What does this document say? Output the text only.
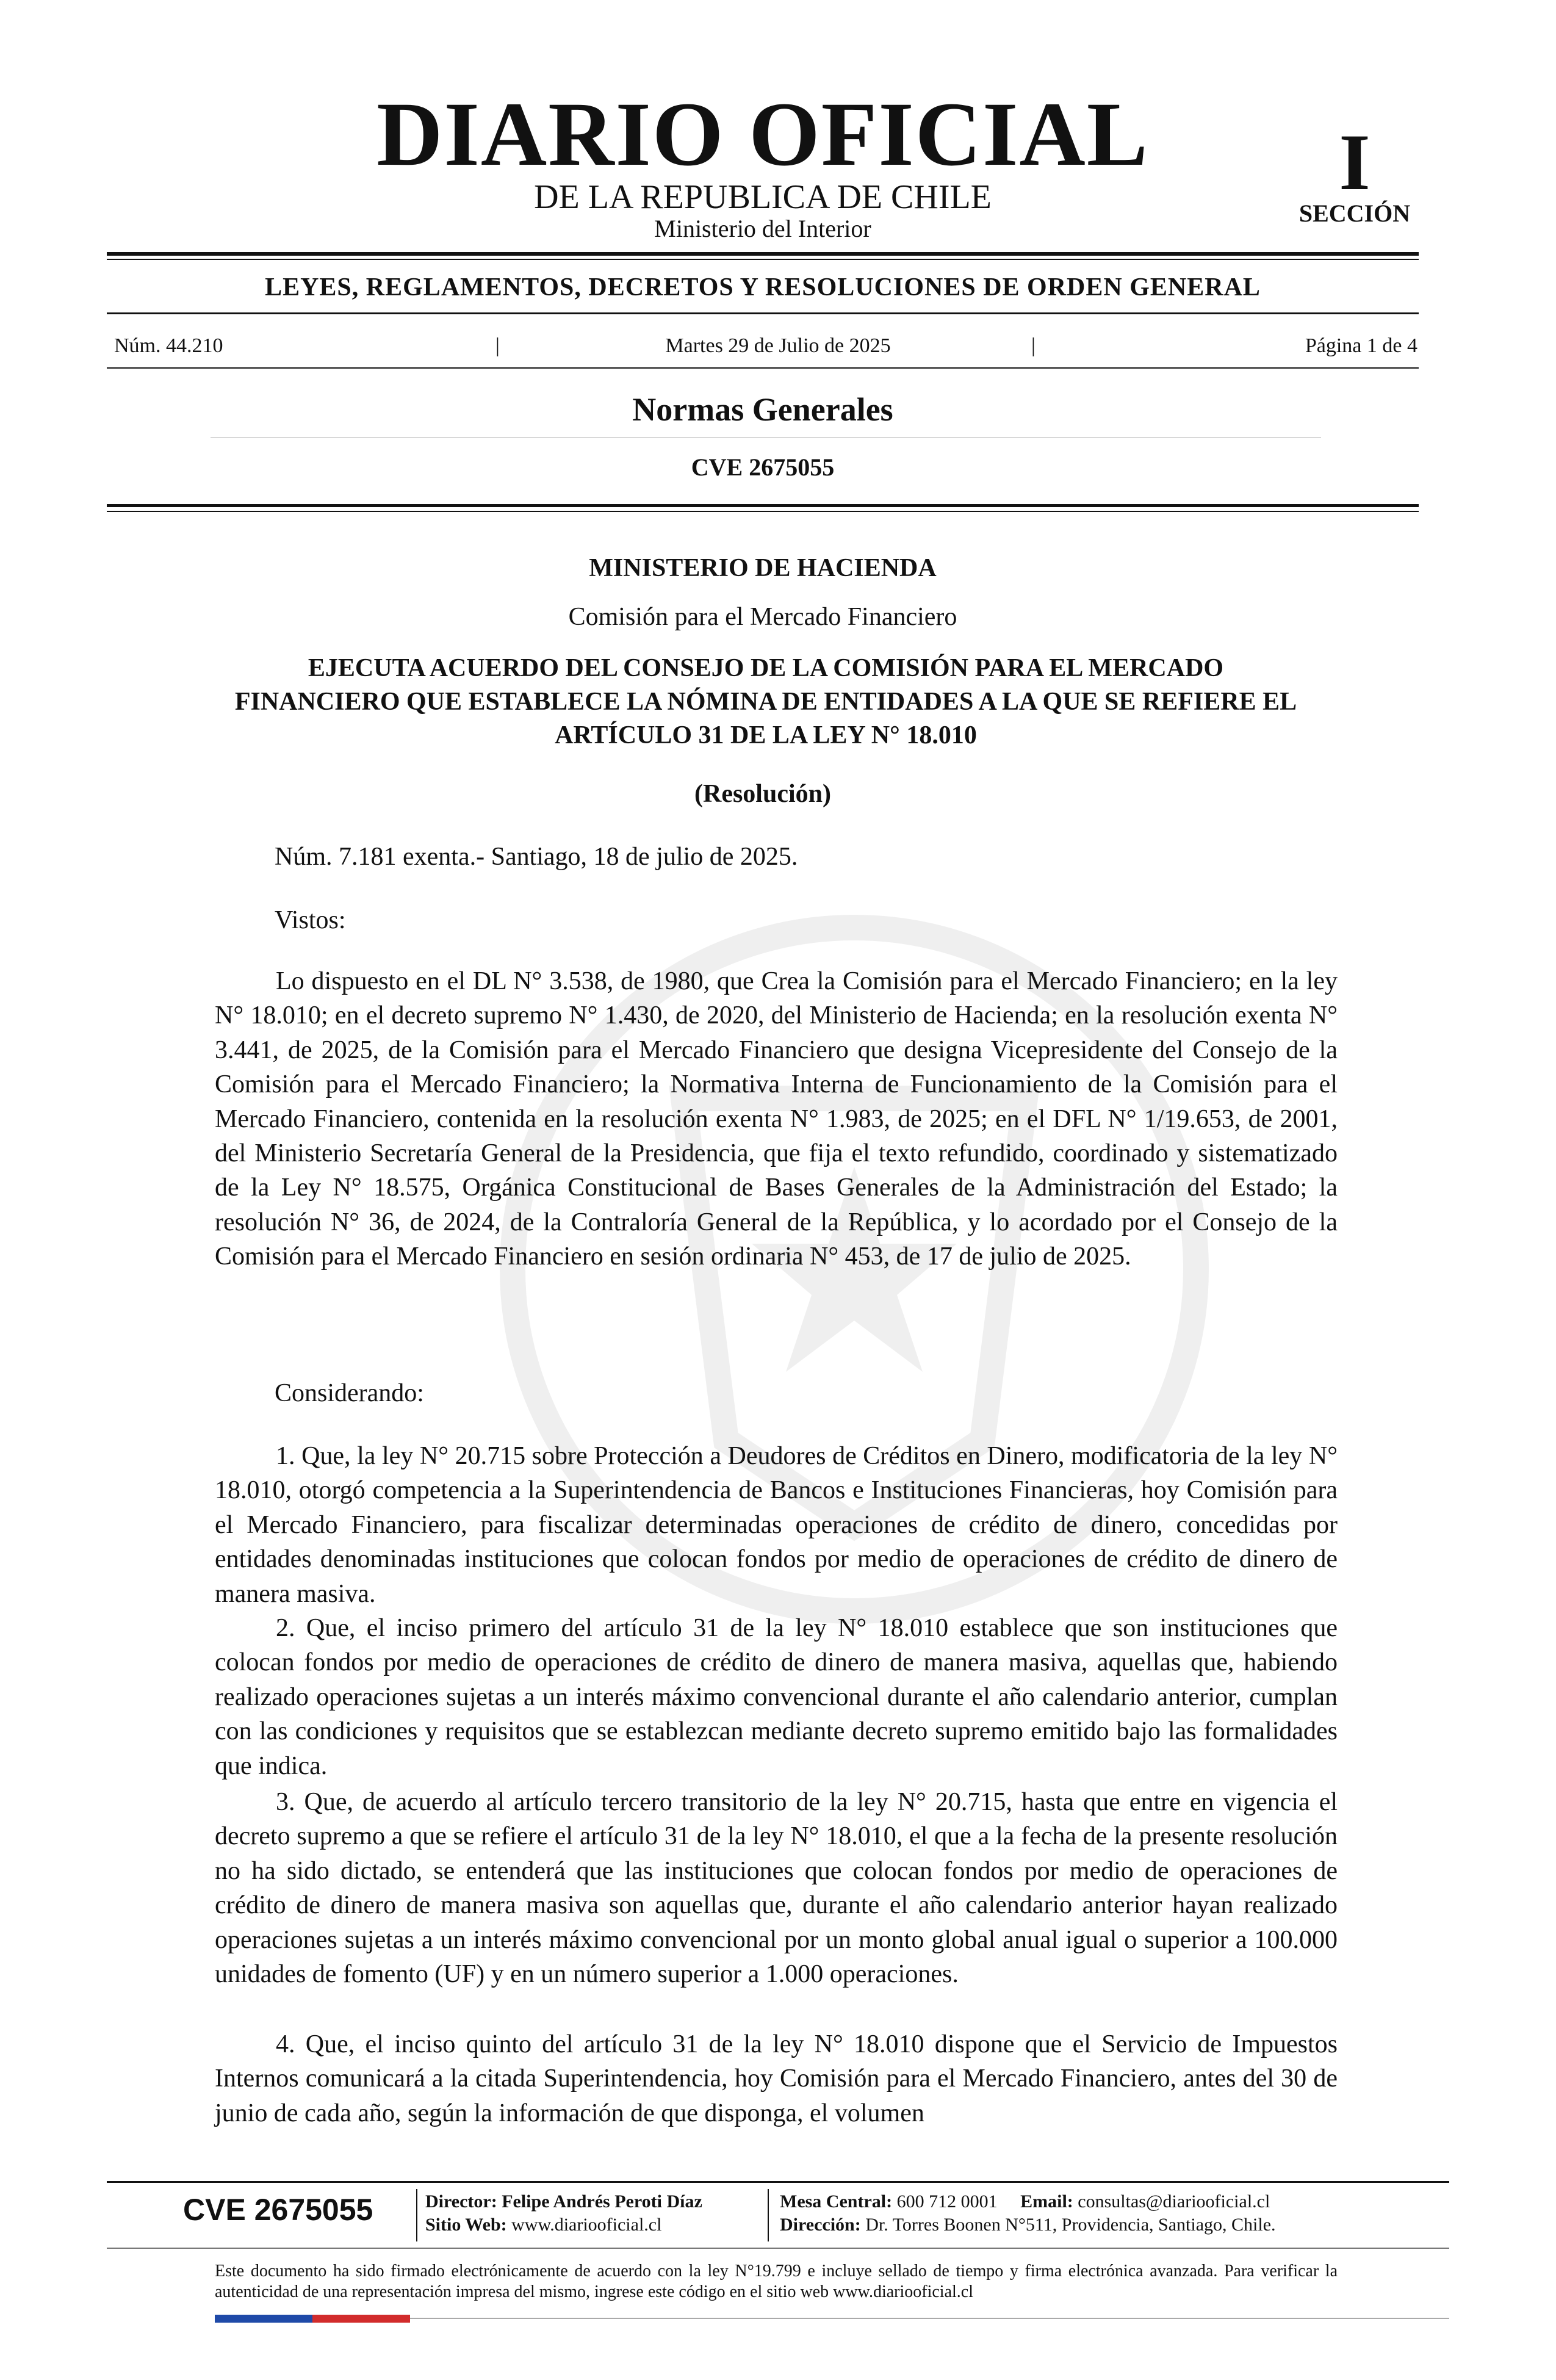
DIARIO OFICIAL
DE LA REPUBLICA DE CHILE
Ministerio del Interior
I
SECCIÓN
LEYES, REGLAMENTOS, DECRETOS Y RESOLUCIONES DE ORDEN GENERAL
Núm. 44.210	|	Martes 29 de Julio de 2025	|	Página 1 de 4
Normas Generales
CVE 2675055
MINISTERIO DE HACIENDA
Comisión para el Mercado Financiero
EJECUTA ACUERDO DEL CONSEJO DE LA COMISIÓN PARA EL MERCADO FINANCIERO QUE ESTABLECE LA NÓMINA DE ENTIDADES A LA QUE SE REFIERE EL ARTÍCULO 31 DE LA LEY N° 18.010
(Resolución)
Núm. 7.181 exenta.- Santiago, 18 de julio de 2025.
Vistos:
Lo dispuesto en el DL N° 3.538, de 1980, que Crea la Comisión para el Mercado Financiero; en la ley N° 18.010; en el decreto supremo N° 1.430, de 2020, del Ministerio de Hacienda; en la resolución exenta N° 3.441, de 2025, de la Comisión para el Mercado Financiero que designa Vicepresidente del Consejo de la Comisión para el Mercado Financiero; la Normativa Interna de Funcionamiento de la Comisión para el Mercado Financiero, contenida en la resolución exenta N° 1.983, de 2025; en el DFL N° 1/19.653, de 2001, del Ministerio Secretaría General de la Presidencia, que fija el texto refundido, coordinado y sistematizado de la Ley N° 18.575, Orgánica Constitucional de Bases Generales de la Administración del Estado; la resolución N° 36, de 2024, de la Contraloría General de la República, y lo acordado por el Consejo de la Comisión para el Mercado Financiero en sesión ordinaria N° 453, de 17 de julio de 2025.
Considerando:
1. Que, la ley N° 20.715 sobre Protección a Deudores de Créditos en Dinero, modificatoria de la ley N° 18.010, otorgó competencia a la Superintendencia de Bancos e Instituciones Financieras, hoy Comisión para el Mercado Financiero, para fiscalizar determinadas operaciones de crédito de dinero, concedidas por entidades denominadas instituciones que colocan fondos por medio de operaciones de crédito de dinero de manera masiva.
2. Que, el inciso primero del artículo 31 de la ley N° 18.010 establece que son instituciones que colocan fondos por medio de operaciones de crédito de dinero de manera masiva, aquellas que, habiendo realizado operaciones sujetas a un interés máximo convencional durante el año calendario anterior, cumplan con las condiciones y requisitos que se establezcan mediante decreto supremo emitido bajo las formalidades que indica.
3. Que, de acuerdo al artículo tercero transitorio de la ley N° 20.715, hasta que entre en vigencia el decreto supremo a que se refiere el artículo 31 de la ley N° 18.010, el que a la fecha de la presente resolución no ha sido dictado, se entenderá que las instituciones que colocan fondos por medio de operaciones de crédito de dinero de manera masiva son aquellas que, durante el año calendario anterior hayan realizado operaciones sujetas a un interés máximo convencional por un monto global anual igual o superior a 100.000 unidades de fomento (UF) y en un número superior a 1.000 operaciones.
4. Que, el inciso quinto del artículo 31 de la ley N° 18.010 dispone que el Servicio de Impuestos Internos comunicará a la citada Superintendencia, hoy Comisión para el Mercado Financiero, antes del 30 de junio de cada año, según la información de que disponga, el volumen
CVE 2675055	Director: Felipe Andrés Peroti Díaz
Sitio Web: www.diariooficial.cl
Mesa Central: 600 712 0001 Email: consultas@diariooficial.cl
Dirección: Dr. Torres Boonen N°511, Providencia, Santiago, Chile.
Este documento ha sido firmado electrónicamente de acuerdo con la ley N°19.799 e incluye sellado de tiempo y firma electrónica avanzada. Para verificar la autenticidad de una representación impresa del mismo, ingrese este código en el sitio web www.diariooficial.cl
